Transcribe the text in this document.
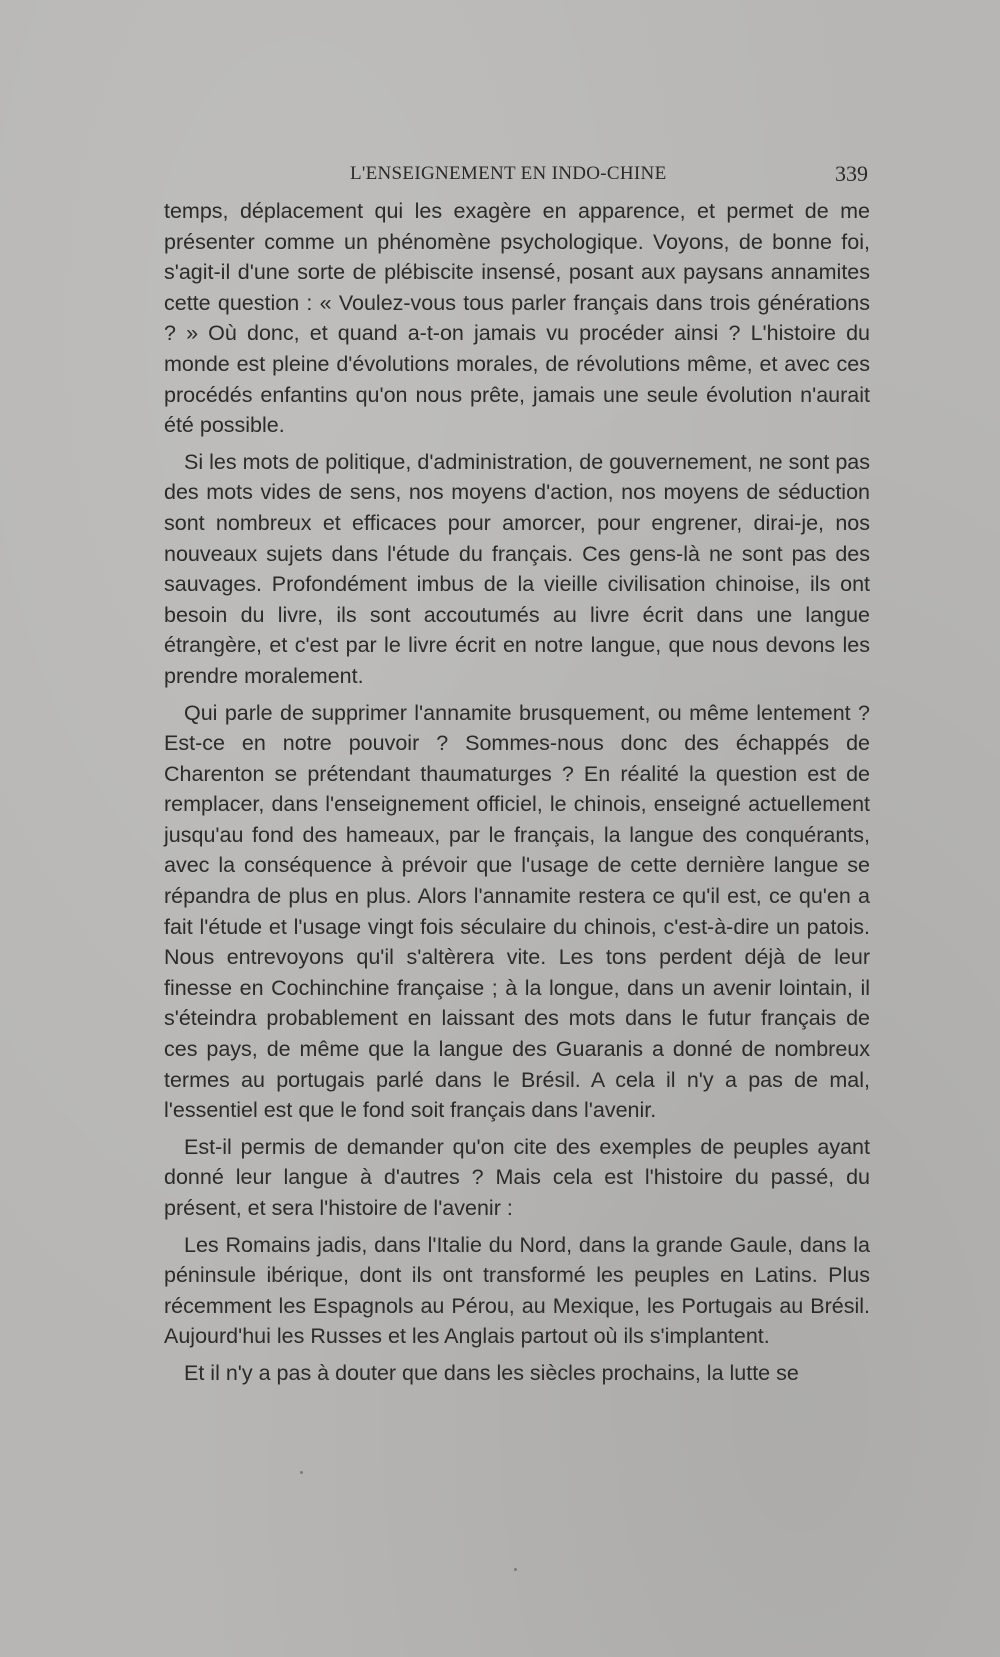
L'ENSEIGNEMENT EN INDO-CHINE	339

temps, déplacement qui les exagère en apparence, et permet de me présenter comme un phénomène psychologique. Voyons, de bonne foi, s'agit-il d'une sorte de plébiscite insensé, posant aux paysans annamites cette question : « Voulez-vous tous parler français dans trois générations ? » Où donc, et quand a-t-on jamais vu procéder ainsi ? L'histoire du monde est pleine d'évolutions morales, de révolutions même, et avec ces procédés enfantins qu'on nous prête, jamais une seule évolution n'aurait été possible.

Si les mots de politique, d'administration, de gouvernement, ne sont pas des mots vides de sens, nos moyens d'action, nos moyens de séduction sont nombreux et efficaces pour amorcer, pour engrener, dirai-je, nos nouveaux sujets dans l'étude du français. Ces gens-là ne sont pas des sauvages. Profondément imbus de la vieille civilisation chinoise, ils ont besoin du livre, ils sont accoutumés au livre écrit dans une langue étrangère, et c'est par le livre écrit en notre langue, que nous devons les prendre moralement.

Qui parle de supprimer l'annamite brusquement, ou même lentement ? Est-ce en notre pouvoir ? Sommes-nous donc des échappés de Charenton se prétendant thaumaturges ? En réalité la question est de remplacer, dans l'enseignement officiel, le chinois, enseigné actuellement jusqu'au fond des hameaux, par le français, la langue des conquérants, avec la conséquence à prévoir que l'usage de cette dernière langue se répandra de plus en plus. Alors l'annamite restera ce qu'il est, ce qu'en a fait l'étude et l'usage vingt fois séculaire du chinois, c'est-à-dire un patois. Nous entrevoyons qu'il s'altèrera vite. Les tons perdent déjà de leur finesse en Cochinchine française ; à la longue, dans un avenir lointain, il s'éteindra probablement en laissant des mots dans le futur français de ces pays, de même que la langue des Guaranis a donné de nombreux termes au portugais parlé dans le Brésil. A cela il n'y a pas de mal, l'essentiel est que le fond soit français dans l'avenir.

Est-il permis de demander qu'on cite des exemples de peuples ayant donné leur langue à d'autres ? Mais cela est l'histoire du passé, du présent, et sera l'histoire de l'avenir :

Les Romains jadis, dans l'Italie du Nord, dans la grande Gaule, dans la péninsule ibérique, dont ils ont transformé les peuples en Latins. Plus récemment les Espagnols au Pérou, au Mexique, les Portugais au Brésil. Aujourd'hui les Russes et les Anglais partout où ils s'implantent.

Et il n'y a pas à douter que dans les siècles prochains, la lutte se
